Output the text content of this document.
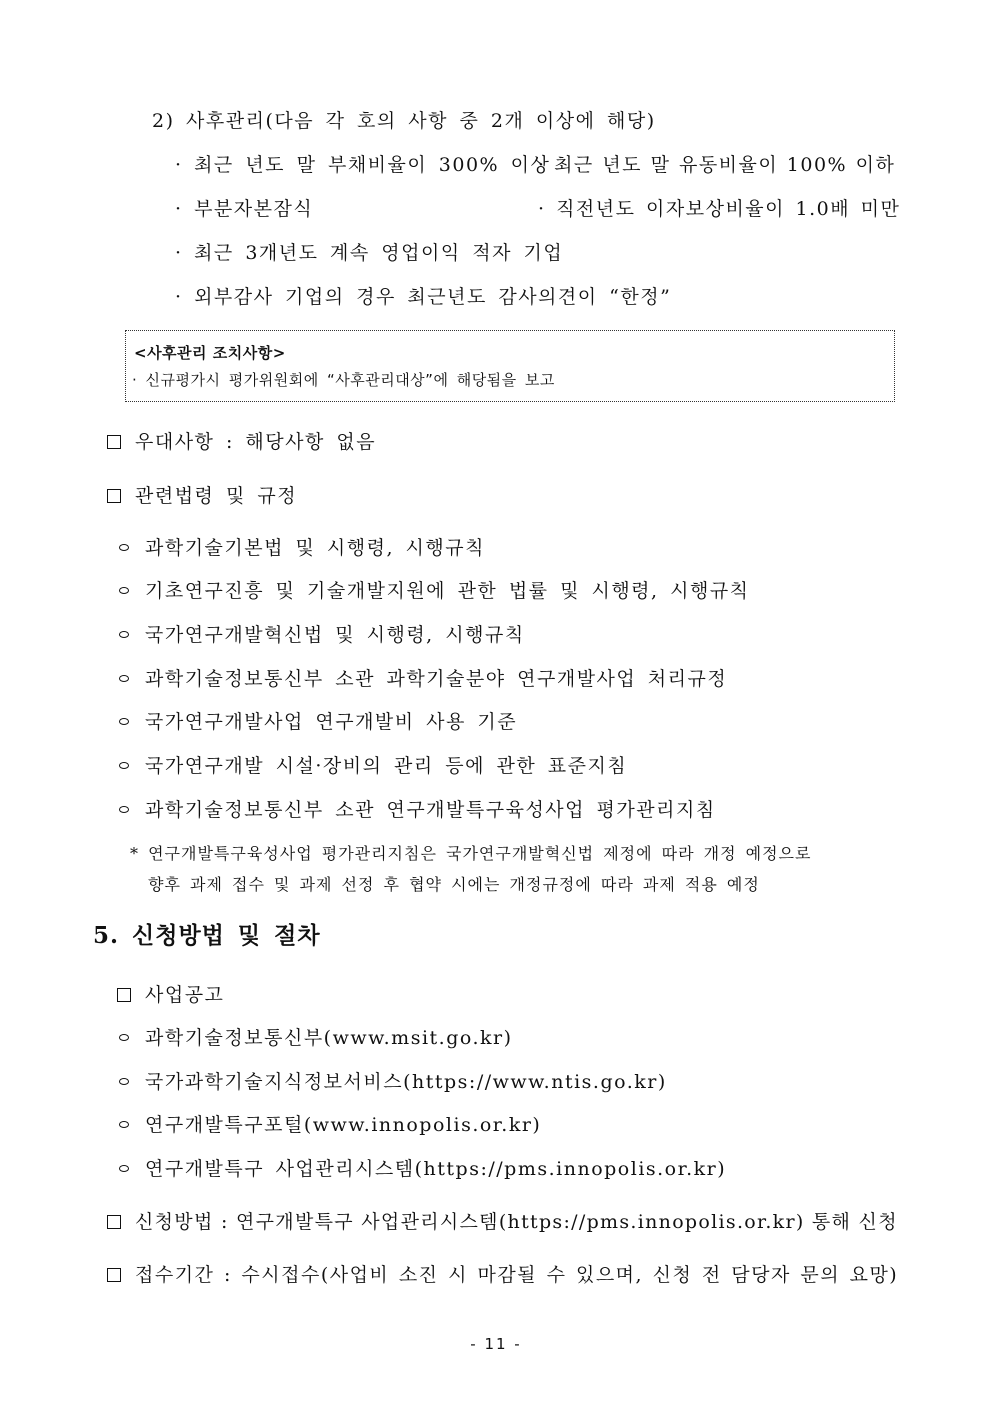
2) 사후관리(다음 각 호의 사항 중 2개 이상에 해당)
· 최근 년도 말 부채비율이 300% 이상
· 최근 년도 말 유동비율이 100% 이하
· 부분자본잠식	· 직전년도 이자보상비율이 1.0배 미만
· 최근 3개년도 계속 영업이익 적자 기업
· 외부감사 기업의 경우 최근년도 감사의견이 “한정”
<사후관리 조치사항>
· 신규평가시 평가위원회에 “사후관리대상”에 해당됨을 보고
우대사항 : 해당사항 없음
관련법령 및 규정
과학기술기본법 및 시행령, 시행규칙
기초연구진흥 및 기술개발지원에 관한 법률 및 시행령, 시행규칙
국가연구개발혁신법 및 시행령, 시행규칙
과학기술정보통신부 소관 과학기술분야 연구개발사업 처리규정
국가연구개발사업 연구개발비 사용 기준
국가연구개발 시설·장비의 관리 등에 관한 표준지침
과학기술정보통신부 소관 연구개발특구육성사업 평가관리지침
* 연구개발특구육성사업 평가관리지침은 국가연구개발혁신법 제정에 따라 개정 예정으로
향후 과제 접수 및 과제 선정 후 협약 시에는 개정규정에 따라 과제 적용 예정
5. 신청방법 및 절차
사업공고
과학기술정보통신부(www.msit.go.kr)
국가과학기술지식정보서비스(https://www.ntis.go.kr)
연구개발특구포털(www.innopolis.or.kr)
연구개발특구 사업관리시스템(https://pms.innopolis.or.kr)
신청방법 : 연구개발특구 사업관리시스템(https://pms.innopolis.or.kr) 통해 신청
접수기간 : 수시접수(사업비 소진 시 마감될 수 있으며, 신청 전 담당자 문의 요망)
- 11 -
